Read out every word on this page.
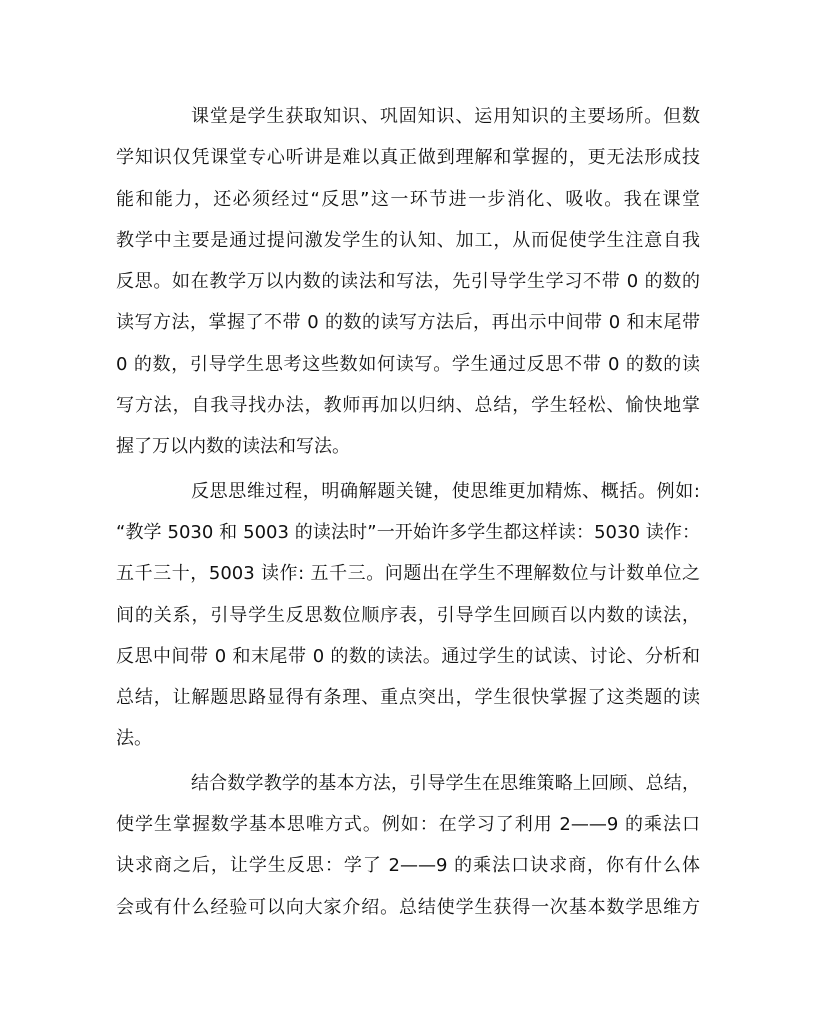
课堂是学生获取知识、巩固知识、运用知识的主要场所。但数
学知识仅凭课堂专心听讲是难以真正做到理解和掌握的，更无法形成技
能和能力，还必须经过“反思”这一环节进一步消化、吸收。我在课堂
教学中主要是通过提问激发学生的认知、加工，从而促使学生注意自我
反思。如在教学万以内数的读法和写法，先引导学生学习不带 0 的数的
读写方法，掌握了不带 0 的数的读写方法后，再出示中间带 0 和末尾带
0 的数，引导学生思考这些数如何读写。学生通过反思不带 0 的数的读
写方法，自我寻找办法，教师再加以归纳、总结，学生轻松、愉快地掌
握了万以内数的读法和写法。
反思思维过程，明确解题关键，使思维更加精炼、概括。例如:
“教学 5030 和 5003 的读法时”一开始许多学生都这样读：5030 读作：
五千三十，5003 读作: 五千三。问题出在学生不理解数位与计数单位之
间的关系，引导学生反思数位顺序表，引导学生回顾百以内数的读法，
反思中间带 0 和末尾带 0 的数的读法。通过学生的试读、讨论、分析和
总结，让解题思路显得有条理、重点突出，学生很快掌握了这类题的读
法。
结合数学教学的基本方法，引导学生在思维策略上回顾、总结，
使学生掌握数学基本思唯方式。例如：在学习了利用 2——9 的乘法口
诀求商之后，让学生反思：学了 2——9 的乘法口诀求商，你有什么体
会或有什么经验可以向大家介绍。总结使学生获得一次基本数学思维方
